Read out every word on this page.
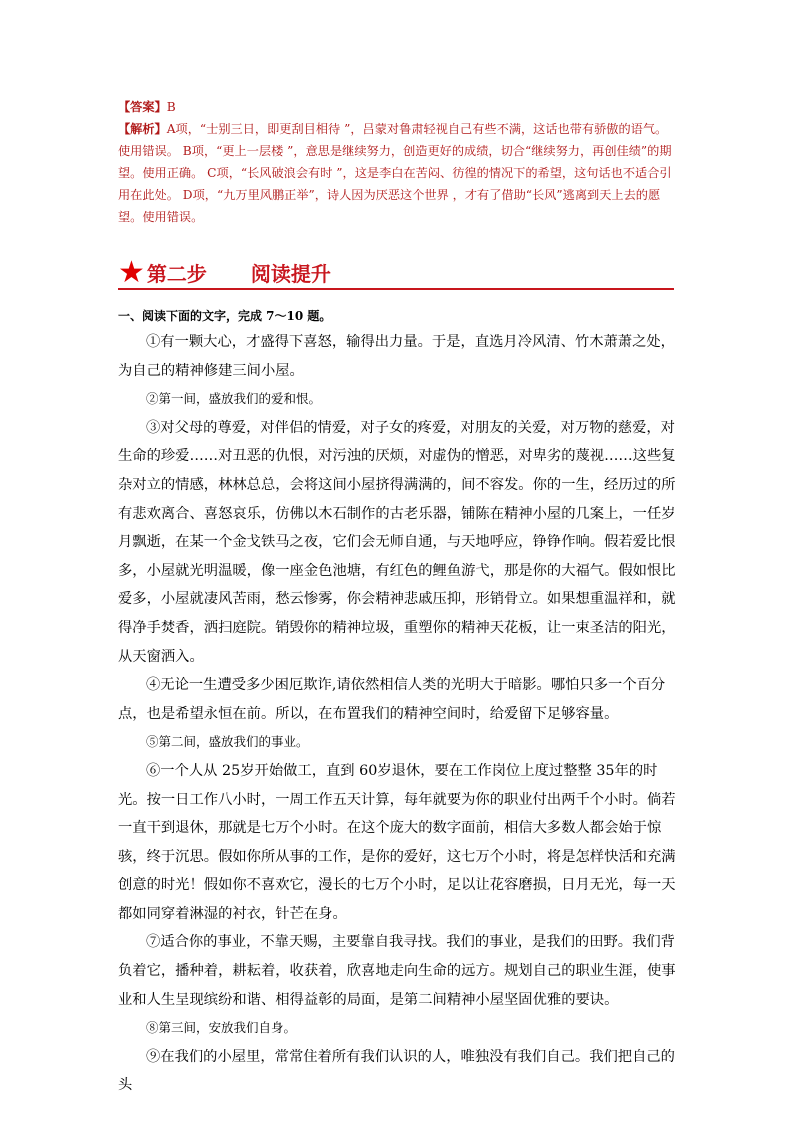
【答案】B

【解析】A项，“士别三日，即更刮目相待 ”，吕蒙对鲁肃轻视自己有些不满，这话也带有骄傲的语气。使用错误。 B项，“更上一层楼 ”，意思是继续努力，创造更好的成绩，切合“继续努力，再创佳绩”的期望。使用正确。 C项，“长风破浪会有时 ”，这是李白在苦闷、彷徨的情况下的希望，这句话也不适合引用在此处。 D项，“九万里风鹏正举”，诗人因为厌恶这个世界 ，才有了借助“长风”逃离到天上去的愿望。使用错误。

★ 第二步 阅读提升
一、阅读下面的文字，完成 7～10 题。

①有一颗大心，才盛得下喜怒，输得出力量。于是，直选月冷风清、竹木萧萧之处，为自己的精神修建三间小屋。

②第一间，盛放我们的爱和恨。

③对父母的尊爱，对伴侣的情爱，对子女的疼爱，对朋友的关爱，对万物的慈爱，对生命的珍爱……对丑恶的仇恨，对污浊的厌烦，对虚伪的憎恶，对卑劣的蔑视……这些复杂对立的情感，林林总总，会将这间小屋挤得满满的，间不容发。你的一生，经历过的所有悲欢离合、喜怒哀乐，仿佛以木石制作的古老乐器，铺陈在精神小屋的几案上，一任岁月飘逝，在某一个金戈铁马之夜，它们会无师自通，与天地呼应，铮铮作响。假若爱比恨多，小屋就光明温暖，像一座金色池塘，有红色的鲤鱼游弋，那是你的大福气。假如恨比爱多，小屋就凄风苦雨，愁云惨雾，你会精神悲戚压抑，形销骨立。如果想重温祥和，就得净手焚香，洒扫庭院。销毁你的精神垃圾，重塑你的精神天花板，让一束圣洁的阳光，从天窗洒入。

④无论一生遭受多少困厄欺诈,请依然相信人类的光明大于暗影。哪怕只多一个百分点，也是希望永恒在前。所以，在布置我们的精神空间时，给爱留下足够容量。

⑤第二间，盛放我们的事业。

⑥一个人从 25岁开始做工，直到 60岁退休，要在工作岗位上度过整整 35年的时光。按一日工作八小时，一周工作五天计算，每年就要为你的职业付出两千个小时。倘若一直干到退休，那就是七万个小时。在这个庞大的数字面前，相信大多数人都会始于惊骇，终于沉思。假如你所从事的工作，是你的爱好，这七万个小时，将是怎样快活和充满创意的时光！假如你不喜欢它，漫长的七万个小时，足以让花容磨损，日月无光，每一天都如同穿着淋湿的衬衣，针芒在身。

⑦适合你的事业，不靠天赐，主要靠自我寻找。我们的事业，是我们的田野。我们背负着它，播种着，耕耘着，收获着，欣喜地走向生命的远方。规划自己的职业生涯，使事业和人生呈现缤纷和谐、相得益彰的局面，是第二间精神小屋坚固优雅的要诀。

⑧第三间，安放我们自身。

⑨在我们的小屋里，常常住着所有我们认识的人，唯独没有我们自己。我们把自己的头
